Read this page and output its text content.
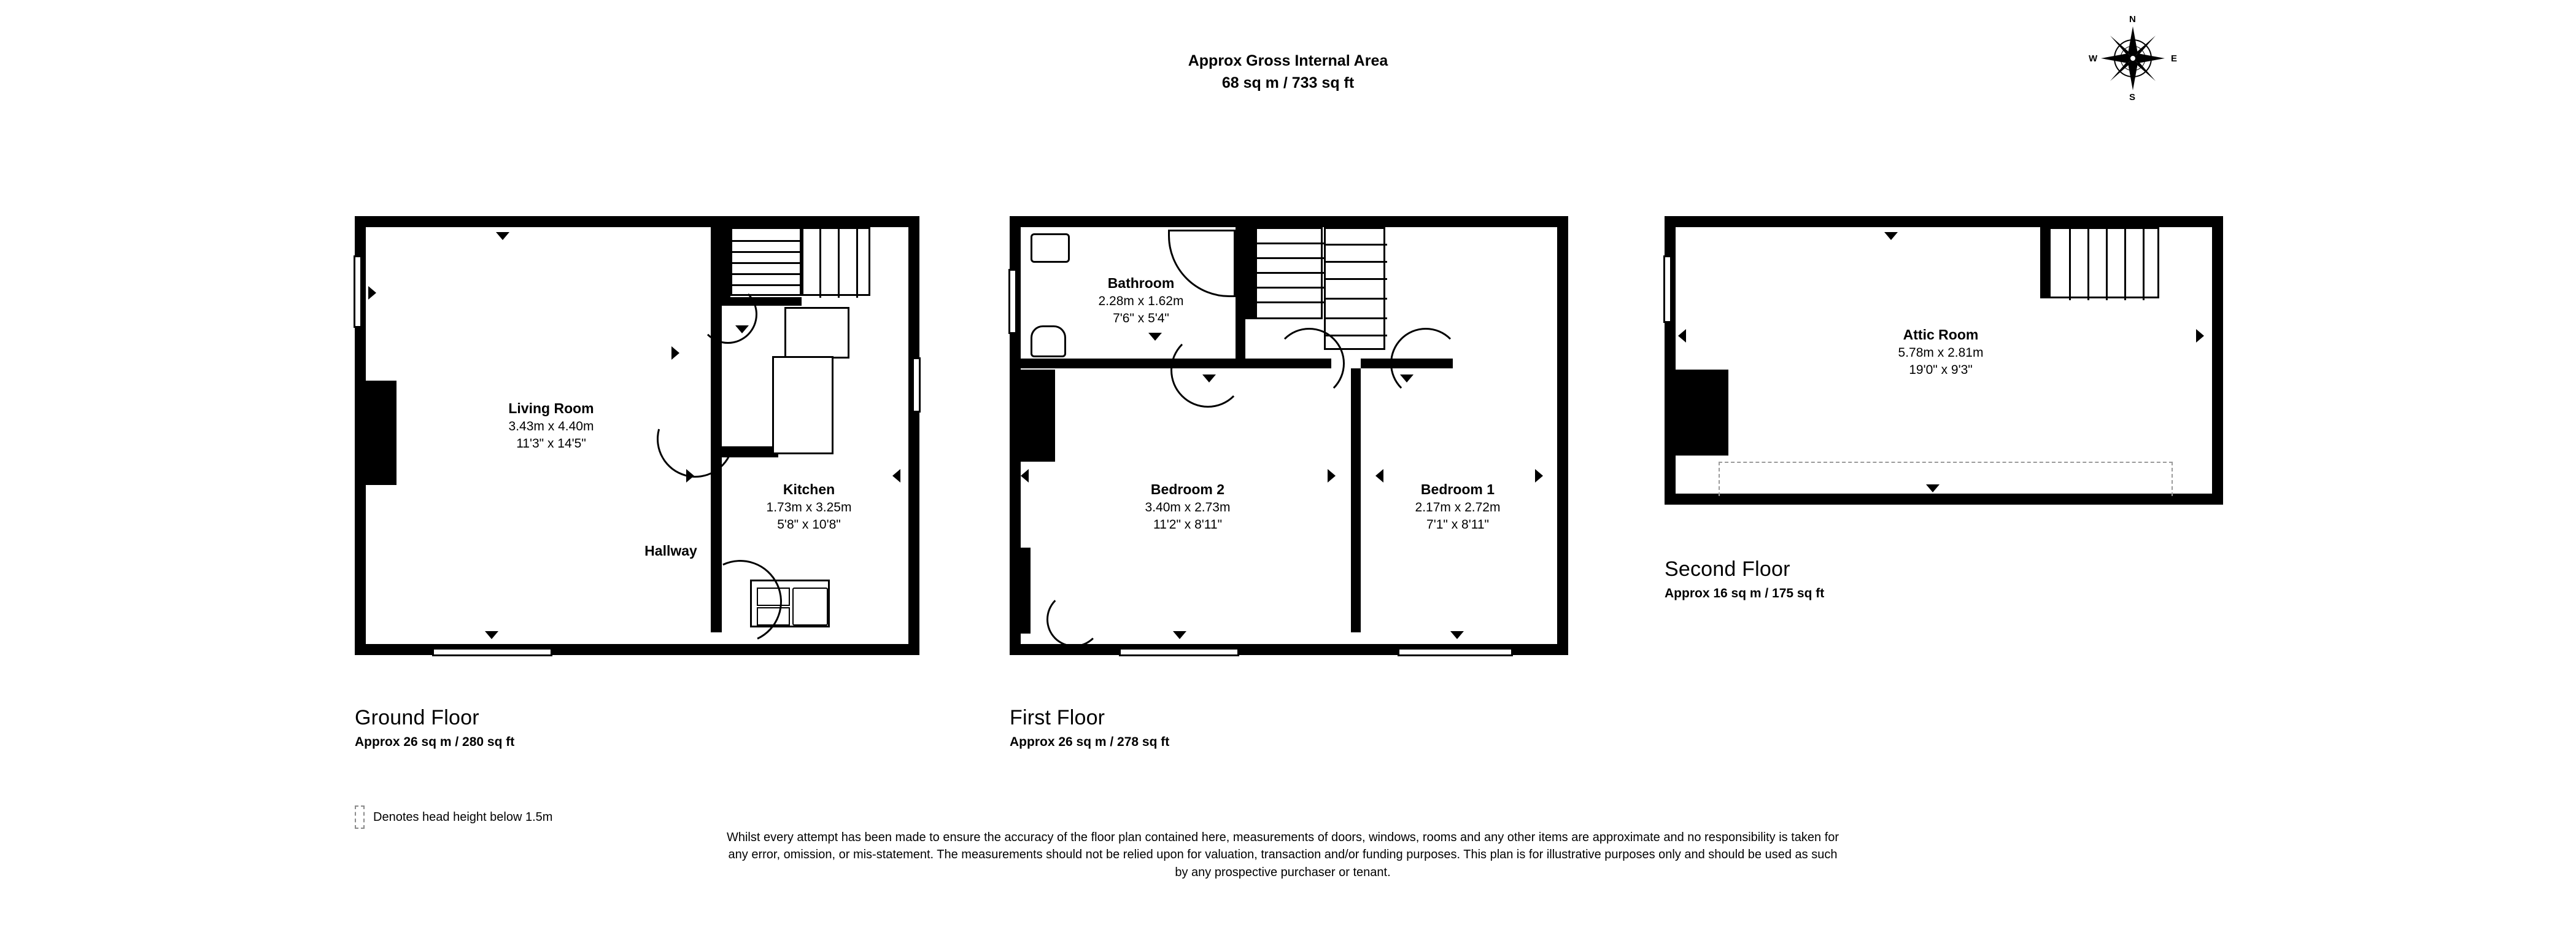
Approx Gross Internal Area
68 sq m / 733 sq ft
N
S
W	E
Living Room
3.43m x 4.40m
11'3" x 14'5"
Kitchen
1.73m x 3.25m
5'8" x 10'8"
Hallway
Ground Floor
Approx 26 sq m / 280 sq ft
Bathroom
2.28m x 1.62m
7'6" x 5'4"
Bedroom 2
3.40m x 2.73m
11'2" x 8'11"
Bedroom 1
2.17m x 2.72m
7'1" x 8'11"
First Floor
Approx 26 sq m / 278 sq ft
Attic Room
5.78m x 2.81m
19'0" x 9'3"
Second Floor
Approx 16 sq m / 175 sq ft
Denotes head height below 1.5m
Whilst every attempt has been made to ensure the accuracy of the floor plan contained here, measurements of doors, windows, rooms and any other items are approximate and no responsibility is taken for any error, omission, or mis-statement. The measurements should not be relied upon for valuation, transaction and/or funding purposes. This plan is for illustrative purposes only and should be used as such by any prospective purchaser or tenant.
